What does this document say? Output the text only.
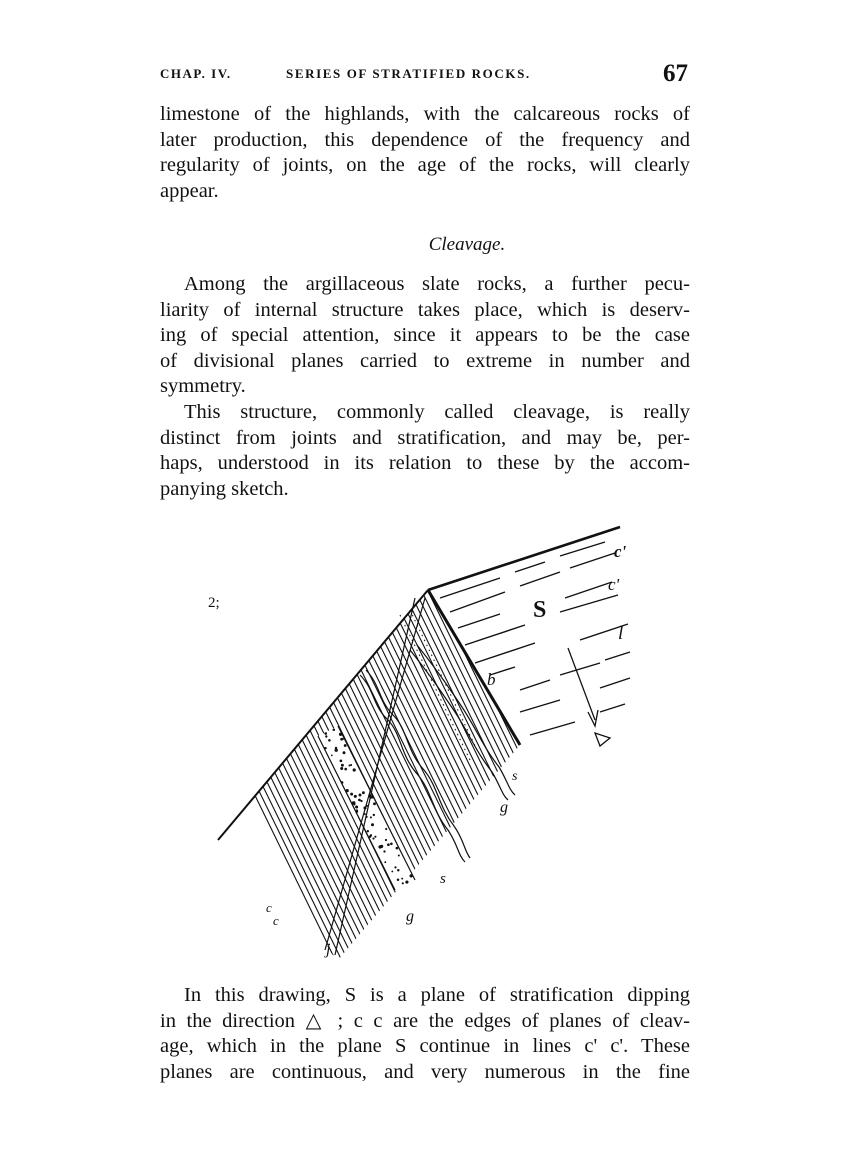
CHAP. IV.	SERIES OF STRATIFIED ROCKS.	67
limestone of the highlands, with the calcareous rocks of
later production, this dependence of the frequency and
regularity of joints, on the age of the rocks, will clearly
appear.
Cleavage.
Among the argillaceous slate rocks, a further pecu-
liarity of internal structure takes place, which is deserv-
ing of special attention, since it appears to be the case
of divisional planes carried to extreme in number and
symmetry.
This structure, commonly called cleavage, is really
distinct from joints and stratification, and may be, per-
haps, understood in its relation to these by the accom-
panying sketch.
2;
c'
c'
S
l
b
s
g
s
g
c
c
j
In this drawing, S is a plane of stratification dipping
in the direction △ ; c c are the edges of planes of cleav-
age, which in the plane S continue in lines c' c'. These
planes are continuous, and very numerous in the fine
